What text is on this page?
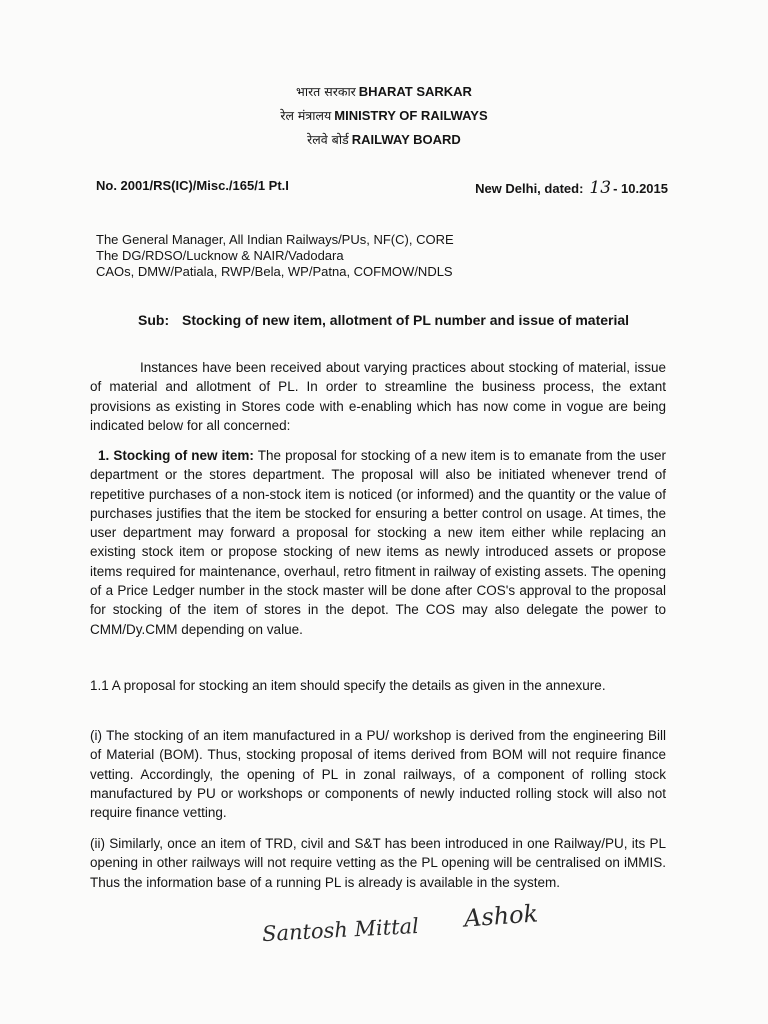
भारत सरकार BHARAT SARKAR
रेल मंत्रालय MINISTRY OF RAILWAYS
रेलवे बोर्ड RAILWAY BOARD
No. 2001/RS(IC)/Misc./165/1 Pt.I	New Delhi, dated: 13 - 10.2015
The General Manager, All Indian Railways/PUs, NF(C), CORE
The DG/RDSO/Lucknow & NAIR/Vadodara
CAOs, DMW/Patiala, RWP/Bela, WP/Patna, COFMOW/NDLS
Sub: Stocking of new item, allotment of PL number and issue of material
Instances have been received about varying practices about stocking of material, issue of material and allotment of PL. In order to streamline the business process, the extant provisions as existing in Stores code with e-enabling which has now come in vogue are being indicated below for all concerned:
1. Stocking of new item: The proposal for stocking of a new item is to emanate from the user department or the stores department. The proposal will also be initiated whenever trend of repetitive purchases of a non-stock item is noticed (or informed) and the quantity or the value of purchases justifies that the item be stocked for ensuring a better control on usage. At times, the user department may forward a proposal for stocking a new item either while replacing an existing stock item or propose stocking of new items as newly introduced assets or propose items required for maintenance, overhaul, retro fitment in railway of existing assets. The opening of a Price Ledger number in the stock master will be done after COS's approval to the proposal for stocking of the item of stores in the depot. The COS may also delegate the power to CMM/Dy.CMM depending on value.
1.1 A proposal for stocking an item should specify the details as given in the annexure.
(i) The stocking of an item manufactured in a PU/ workshop is derived from the engineering Bill of Material (BOM). Thus, stocking proposal of items derived from BOM will not require finance vetting. Accordingly, the opening of PL in zonal railways, of a component of rolling stock manufactured by PU or workshops or components of newly inducted rolling stock will also not require finance vetting.
(ii) Similarly, once an item of TRD, civil and S&T has been introduced in one Railway/PU, its PL opening in other railways will not require vetting as the PL opening will be centralised on iMMIS. Thus the information base of a running PL is already is available in the system.
Santosh Mittal Ashok
